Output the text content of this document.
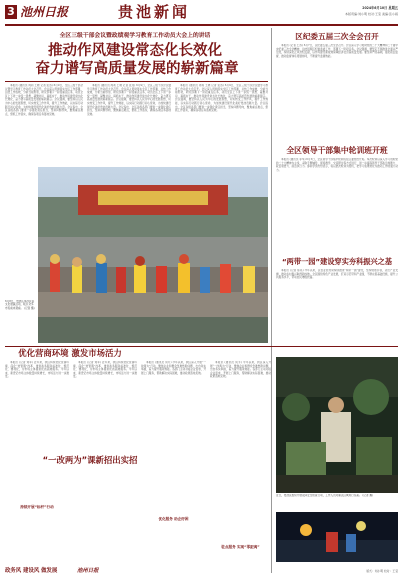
3 池州日报	贵池新闻	2024年6月10日 星期五
本版责编:刘小明 校对:王莹 美编:张小娟
全区三级干部会议暨政绩观学习教育工作动员大会上的讲话
推动作风建设常态化长效化
奋力谱写高质量发展的崭新篇章

本报讯 (通讯员 周莉 王晓 记者 张涛) 6月9日，全区三级干部会议暨学习教育工作动员大会召开。会议深入贯彻落实全区工作部署，总结工作成效，分析当前形势，研究部署下一阶段重点任务，动员全区上下进一步统一思想、凝聚共识、真抓实干，推动作风建设常态化长效化，奋力谱写高质量发展的崭新篇章。会议强调，要坚持以人民为中心的发展思想，切实转变工作作风，提升工作效能，以实际行动践行初心使命，为加快建设现代化美好贵池贡献力量。会议指出，全区各级各部门要进一步强化责任担当，坚持问题导向，聚焦重点难点，狠抓工作落实，确保各项任务落地见效。

本报讯 (通讯员 周莉 王晓 记者 张涛) 6月9日，全区三级干部会议暨学习教育工作动员大会召开。会议深入贯彻落实全区工作部署，总结工作成效，分析当前形势，研究部署下一阶段重点任务，动员全区上下进一步统一思想、凝聚共识、真抓实干，推动作风建设常态化长效化，奋力谱写高质量发展的崭新篇章。会议强调，要坚持以人民为中心的发展思想，切实转变工作作风，提升工作效能，以实际行动践行初心使命，为加快建设现代化美好贵池贡献力量。会议指出，全区各级各部门要进一步强化责任担当，坚持问题导向，聚焦重点难点，狠抓工作落实，确保各项任务落地见效。

本报讯 (通讯员 周莉 王晓 记者 张涛) 6月9日，全区三级干部会议暨学习教育工作动员大会召开。会议深入贯彻落实全区工作部署，总结工作成效，分析当前形势，研究部署下一阶段重点任务，动员全区上下进一步统一思想、凝聚共识、真抓实干，推动作风建设常态化长效化，奋力谱写高质量发展的崭新篇章。会议强调，要坚持以人民为中心的发展思想，切实转变工作作风，提升工作效能，以实际行动践行初心使命，为加快建设现代化美好贵池贡献力量。会议指出，全区各级各部门要进一步强化责任担当，坚持问题导向，聚焦重点难点，狠抓工作落实，确保各项任务落地见效。

6月8日，贵池区举办民俗文化展演活动，吸引众多市民前来观看。 (记者 摄)
区纪委五届三次全会召开

本报讯 (记者 王涛) 6月7日，区纪委五届三次全会召开。会议深入学习贯彻党的二十大精神和二十届中央纪委三次全会精神，总结回顾区纪委监委工作，部署下一阶段任务。会议强调，要坚定不移推进全面从严治党，持续深化正风肃纪反腐，以作风建设新成效保障经济社会高质量发展。要坚持严的基调，强化政治监督，推动监督体系贯通协同，不断提升监督效能。

全区领导干部集中轮训班开班

本报讯 (通讯员 李华) 6月5日，全区领导干部集中轮训班在区委党校开班。本次轮训以深入学习贯彻党的二十大精神为主线，采取专题辅导、现场教学、交流研讨等方式进行，进一步提高领导干部政治判断力、政治领悟力、政治执行力。参训学员纷纷表示，将以此次轮训为契机，把学习成果转化为推动工作的强大动力。

“两带一园”建设穿实夯科振兴之基

本报讯 (记者 陈亮) 今年以来，区农业农村局持续推进“两带一园”建设，坚持规划引领，突出产业支撑，推动乡村振兴取得新成效。全区围绕特色产业发展，打造示范带和产业园，不断完善基础设施，提升公共服务水平，带动农民增收致富。

优化营商环境 激发市场活力

本报讯 (记者 刘军) 近年来，我区持续优化营商环境，深化“放管服”改革，推进政务服务标准化、规范化、便利化，为市场主体提供优质高效服务。今年以来，新登记市场主体数量持续增长，市场活力进一步激发。

本报讯 (记者 刘军) 近年来，我区持续优化营商环境，深化“放管服”改革，推进政务服务标准化、规范化、便利化，为市场主体提供优质高效服务。今年以来，新登记市场主体数量持续增长，市场活力进一步激发。

持续开展“标杆”行动
“一改两为”课新招出实招

本报讯 (通讯员 何芳) 今年以来，我区深入开展“一改两为”行动，聚焦企业和群众急难愁盼问题，出台务实举措，着力提升服务效能。各部门主动对接企业需求，开展上门服务，帮助解决实际困难，推动政策落地见效。

本报讯 (通讯员 何芳) 今年以来，我区深入开展“一改两为”行动，聚焦企业和群众急难愁盼问题，出台务实举措，着力提升服务效能。各部门主动对接企业需求，开展上门服务，帮助解决实际困难，推动政策落地见效。

优化服务 助企纾困
驻点服务 实现“零距离”
近日，贵池区组织开展夜间安全检查行动，工作人员对重点区域进行巡查。 (记者 摄)
政务风 建设风 做发展	池州日报	版式：刘小明 校对：王莹
